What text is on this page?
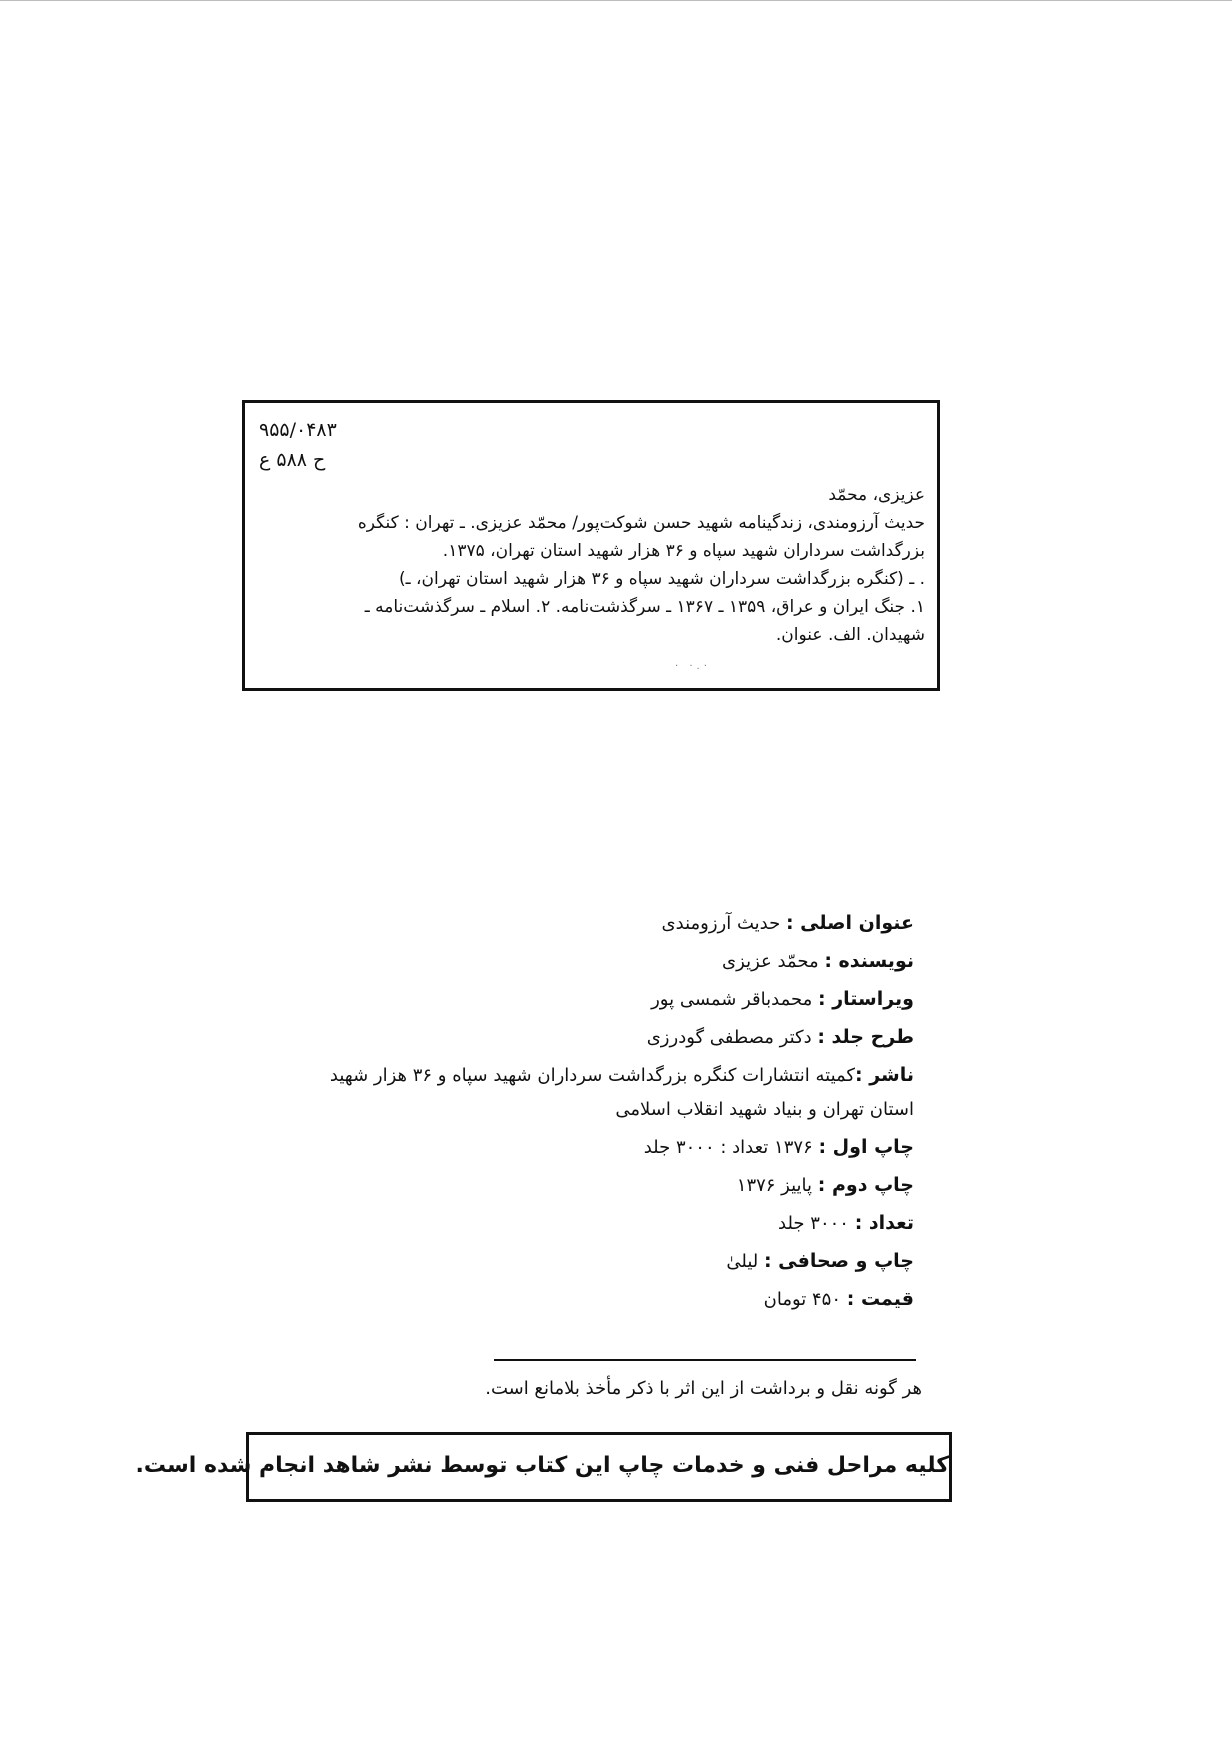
۹۵۵/۰۴۸۳
ح ۵۸۸ ع
عزیزی، محمّد
حدیث آرزومندی، زندگینامه شهید حسن شوکت‌پور/ محمّد عزیزی. ـ تهران : کنگره
بزرگداشت سرداران شهید سپاه و ۳۶ هزار شهید استان تهران، ۱۳۷۵.
. ـ (کنگره بزرگداشت سرداران شهید سپاه و ۳۶ هزار شهید استان تهران، ـ)
۱. جنگ ایران و عراق، ۱۳۵۹ ـ ۱۳۶۷ ـ سرگذشت‌نامه. ۲. اسلام ـ سرگذشت‌نامه ـ
شهیدان. الف. عنوان.
· ·.·
عنوان اصلی : حدیث آرزومندی
نویسنده : محمّد عزیزی
ویراستار : محمدباقر شمسی پور
طرح جلد : دکتر مصطفی گودرزی
ناشر :کمیته انتشارات کنگره بزرگداشت سرداران شهید سپاه و ۳۶ هزار شهید
استان تهران و بنیاد شهید انقلاب اسلامی
چاپ اول : ۱۳۷۶ تعداد : ۳۰۰۰ جلد
چاپ دوم : پاییز ۱۳۷۶
تعداد : ۳۰۰۰ جلد
چاپ و صحافی : لیلیٰ
قیمت : ۴۵۰ تومان
هر گونه نقل و برداشت از این اثر با ذکر مأخذ بلامانع است.
کلیه مراحل فنی و خدمات چاپ این کتاب توسط نشر شاهد انجام شده است.
